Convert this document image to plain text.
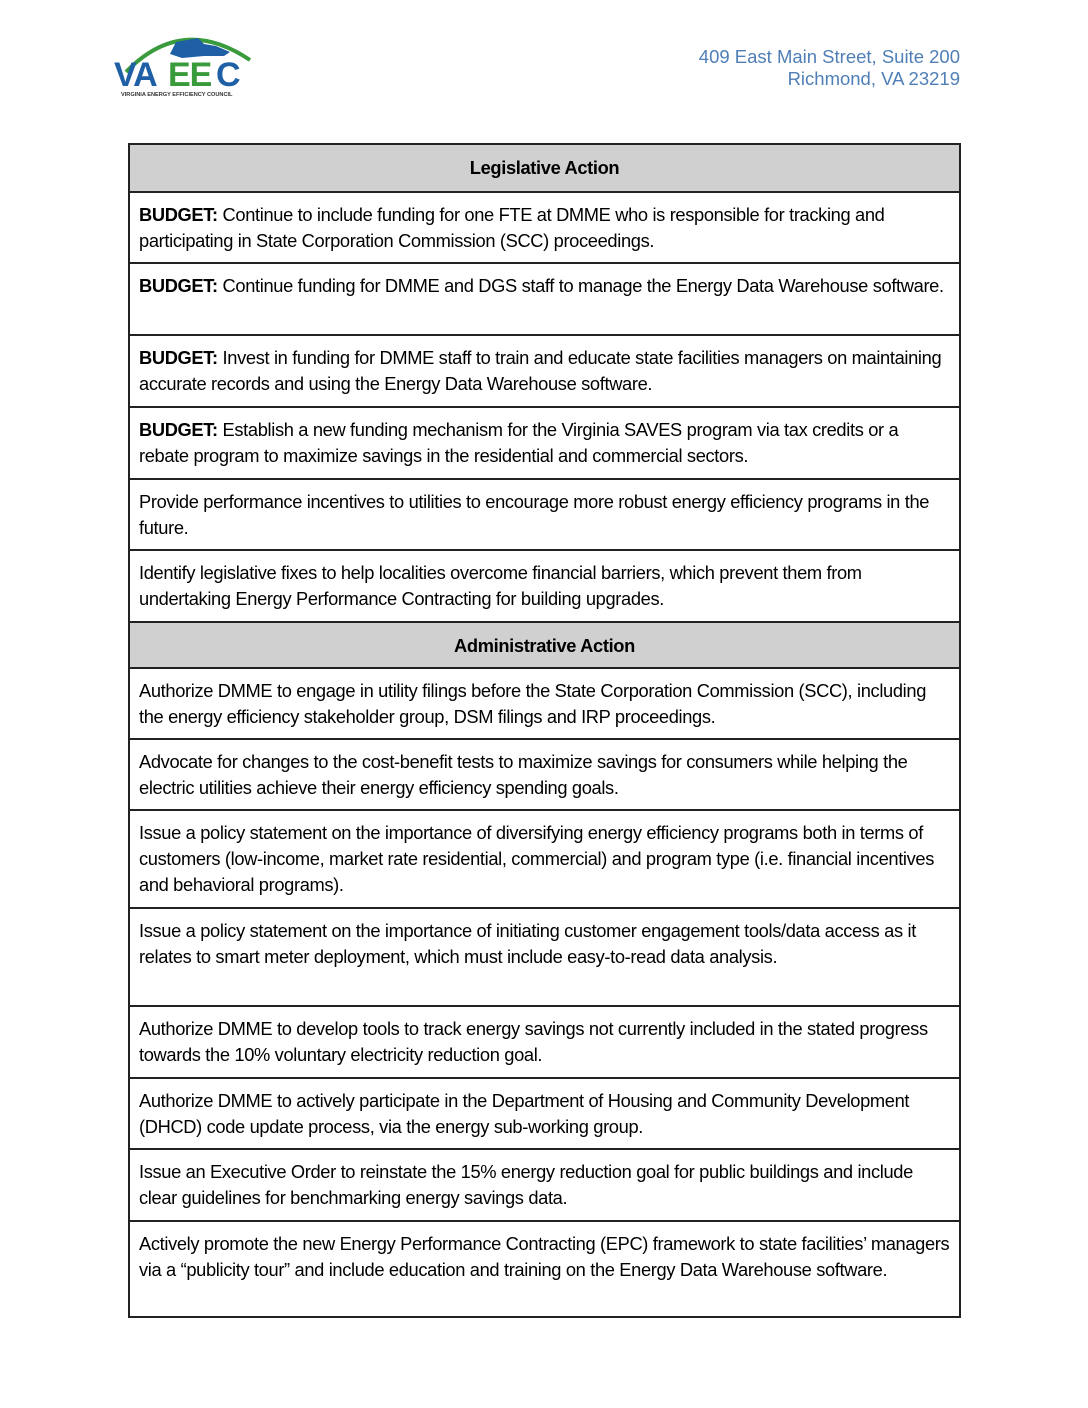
VA EE C
VIRGINIA ENERGY EFFICIENCY COUNCIL
409 East Main Street, Suite 200
Richmond, VA 23219
Legislative Action
BUDGET: Continue to include funding for one FTE at DMME who is responsible for tracking and participating in State Corporation Commission (SCC) proceedings.
BUDGET: Continue funding for DMME and DGS staff to manage the Energy Data Warehouse software.
BUDGET: Invest in funding for DMME staff to train and educate state facilities managers on maintaining accurate records and using the Energy Data Warehouse software.
BUDGET: Establish a new funding mechanism for the Virginia SAVES program via tax credits or a rebate program to maximize savings in the residential and commercial sectors.
Provide performance incentives to utilities to encourage more robust energy efficiency programs in the future.
Identify legislative fixes to help localities overcome financial barriers, which prevent them from undertaking Energy Performance Contracting for building upgrades.
Administrative Action
Authorize DMME to engage in utility filings before the State Corporation Commission (SCC), including the energy efficiency stakeholder group, DSM filings and IRP proceedings.
Advocate for changes to the cost-benefit tests to maximize savings for consumers while helping the electric utilities achieve their energy efficiency spending goals.
Issue a policy statement on the importance of diversifying energy efficiency programs both in terms of customers (low-income, market rate residential, commercial) and program type (i.e. financial incentives and behavioral programs).
Issue a policy statement on the importance of initiating customer engagement tools/data access as it relates to smart meter deployment, which must include easy-to-read data analysis.
Authorize DMME to develop tools to track energy savings not currently included in the stated progress towards the 10% voluntary electricity reduction goal.
Authorize DMME to actively participate in the Department of Housing and Community Development (DHCD) code update process, via the energy sub-working group.
Issue an Executive Order to reinstate the 15% energy reduction goal for public buildings and include clear guidelines for benchmarking energy savings data.
Actively promote the new Energy Performance Contracting (EPC) framework to state facilities’ managers via a “publicity tour” and include education and training on the Energy Data Warehouse software.
